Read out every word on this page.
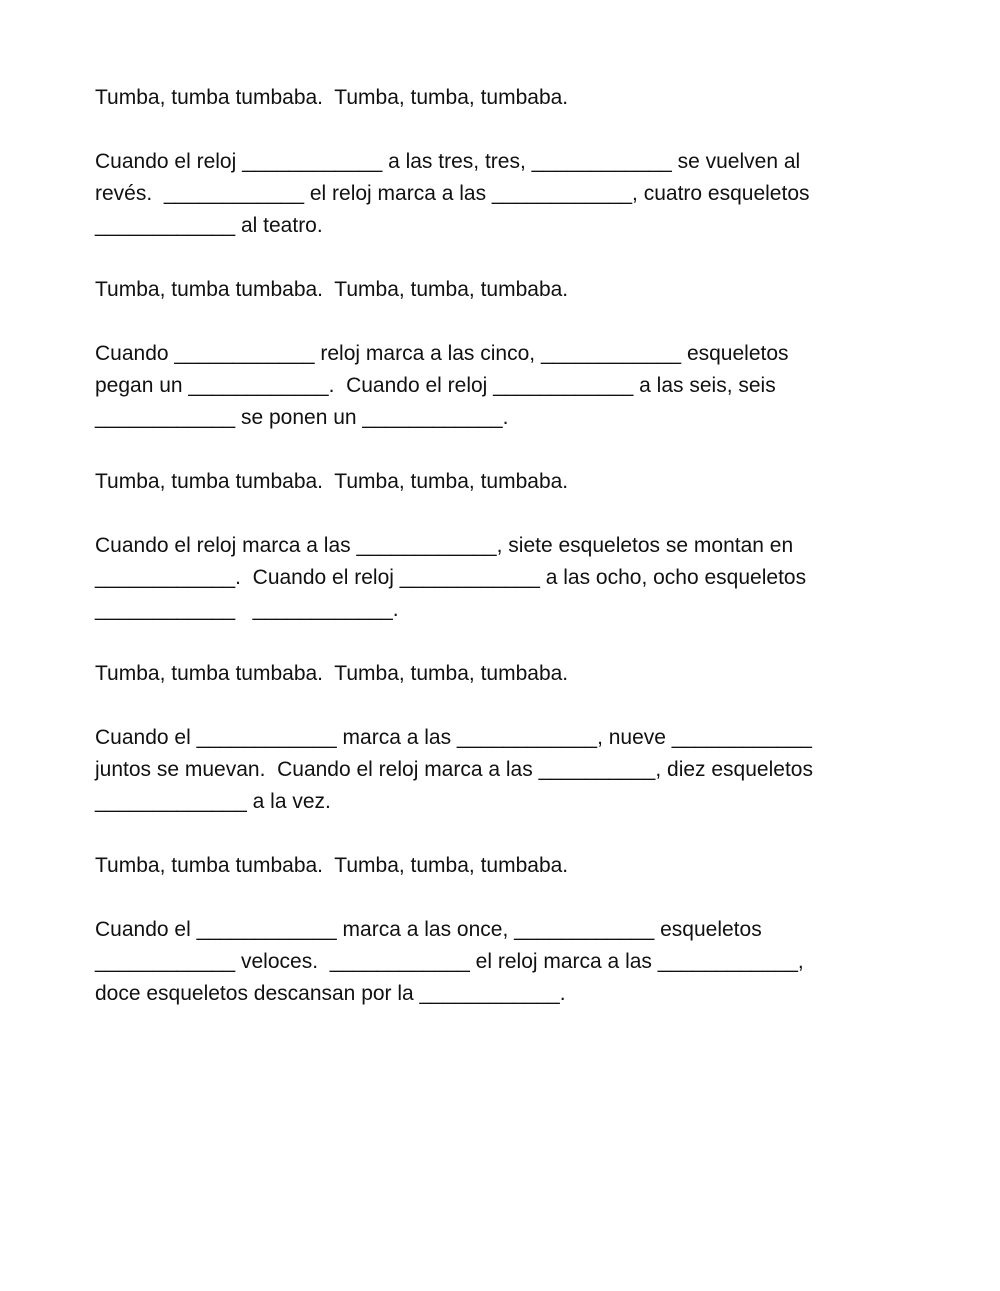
Tumba, tumba tumbaba.  Tumba, tumba, tumbaba.

Cuando el reloj ____________ a las tres, tres, ____________ se vuelven al

revés.  ____________ el reloj marca a las ____________, cuatro esqueletos

____________ al teatro.

Tumba, tumba tumbaba.  Tumba, tumba, tumbaba.

Cuando ____________ reloj marca a las cinco, ____________ esqueletos

pegan un ____________.  Cuando el reloj ____________ a las seis, seis

____________ se ponen un ____________.

Tumba, tumba tumbaba.  Tumba, tumba, tumbaba.

Cuando el reloj marca a las ____________, siete esqueletos se montan en

____________.  Cuando el reloj ____________ a las ocho, ocho esqueletos

____________   ____________.

Tumba, tumba tumbaba.  Tumba, tumba, tumbaba.

Cuando el ____________ marca a las ____________, nueve ____________

juntos se muevan.  Cuando el reloj marca a las __________, diez esqueletos

_____________ a la vez.

Tumba, tumba tumbaba.  Tumba, tumba, tumbaba.

Cuando el ____________ marca a las once, ____________ esqueletos

____________ veloces.  ____________ el reloj marca a las ____________,

doce esqueletos descansan por la ____________.
